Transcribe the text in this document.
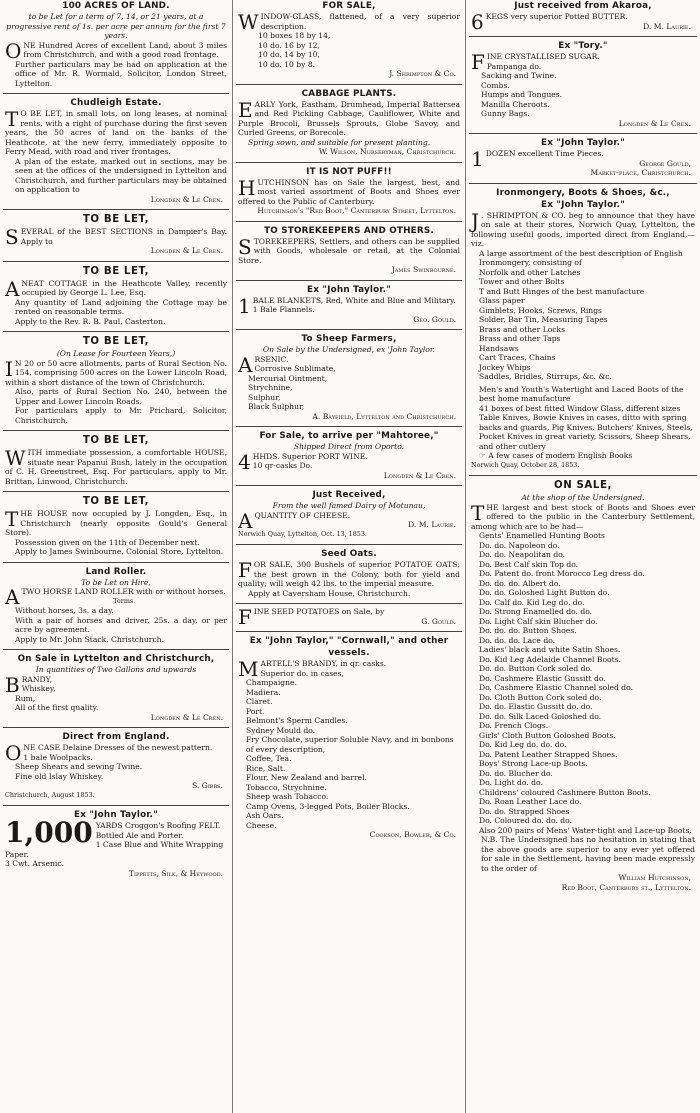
100 ACRES OF LAND.
to be Let for a term of 7, 14, or 21 years, at a progressive rent of 1s. per acre per annum for the first 7 years.
ONE Hundred Acres of excellent Land, about 3 miles from Christchurch, and with a good road frontage.
Further particulars may be had on application at the office of Mr. R. Wormald, Solicitor, London Street, Lyttelton.
Chudleigh Estate.
T O BE LET, in small lots, on long leases, at nominal rents, with a right of purchase during the first seven years, the 50 acres of land on the banks of the Heathcote, at the new ferry, immediately opposite to Ferry Mead, with road and river frontages.
A plan of the estate, marked out in sections, may be seen at the offices of the undersigned in Lyttelton and Christchurch, and further particulars may be obtained on application to
Longden & Le Cren.
TO BE LET,
SEVERAL of the BEST SECTIONS in Dampier's Bay. Apply to
Longden & Le Cren.
TO BE LET,
ANEAT COTTAGE in the Heathcote Valley, recently occupied by George L. Lee, Esq.
Any quantity of Land adjoining the Cottage may be rented on reasonable terms.
Apply to the Rev. R. B. Paul, Casterton.
TO BE LET,
(On Lease for Fourteen Years,)
I N 20 or 50 acre allotments, parts of Rural Section No. 154, comprising 500 acres on the Lower Lincoln Road, within a short distance of the town of Christchurch.
Also, parts of Rural Section No. 240, between the Upper and Lower Lincoln Roads.
For particulars apply to Mr. Prichard, Solicitor, Christchurch.
TO BE LET,
WITH immediate possession, a comfortable HOUSE, situate near Papanui Bush, lately in the occupation of C. H. Greenstreet, Esq. For particulars, apply to Mr. Brittan, Linwood, Christchurch.
TO BE LET,
THE HOUSE now occupied by J. Longden, Esq., in Christchurch (nearly opposite Gould's General Store).
Possession given on the 11th of December next.
Apply to James Swinbourne, Colonial Store, Lyttelton.
Land Roller.
To be Let on Hire,
ATWO HORSE LAND ROLLER with or without horses.
Terms.
Without horses, 3s. a day.
With a pair of horses and driver, 25s. a day, or per acre by agreement.
Apply to Mr. John Stack, Christchurch.
On Sale in Lyttelton and Christchurch,
In quantities of Two Gallons and upwards
BRANDY,
Whiskey,
Rum,
All of the first quality.
Longden & Le Cren.
Direct from England.
ONE CASE Delaine Dresses of the newest pattern.
1 bale Woolpacks.
Sheep Shears and sewing Twine.
Fine old Islay Whiskey.
S. Gibbs.
Christchurch, August 1853.
Ex "John Taylor."
1,000 YARDS Croggon's Roofing FELT.
Bottled Ale and Porter.
1 Case Blue and White Wrapping Paper.
3 Cwt. Arsenic.
Tippetts, Silk, & Heywood.
FOR SALE,
WINDOW-GLASS, flattened, of a very superior description.
10 boxes 18 by 14,
10 do. 16 by 12,
10 do. 14 by 10,
10 do. 10 by 8.
J. Shrimpton & Co.
CABBAGE PLANTS.
EARLY York, Eastham, Drumhead, Imperial Battersea and Red Pickling Cabbage, Cauliflower, White and Purple Brocoli, Brussels Sprouts, Globe Savoy, and Curled Greens, or Borecole.
Spring sown, and suitable for present planting.
W. Wilson, Nurseryman, Christchurch.
IT IS NOT PUFF!!
HUTCHINSON has on Sale the largest, best, and most varied assortment of Boots and Shoes ever offered to the Public of Canterbury.
Hutchinson's "Red Boot," Canterbury Street, Lyttelton.
TO STOREKEEPERS AND OTHERS.
STOREKEEPERS, Settlers, and others can be supplied with Goods, wholesale or retail, at the Colonial Store.
James Swinbourne.
Ex "John Taylor."
1 BALE BLANKETS, Red, White and Blue and Military.
1 Bale Flannels.
Geo. Gould.
To Sheep Farmers,
On Sale by the Undersigned, ex 'John Taylor.
ARSENIC.
Corrosive Sublimate,
Mercurial Ointment,
Strychnine,
Sulphur,
Black Sulphur,
A. Bayfield, Lyttelton and Christchurch.
For Sale, to arrive per "Mahtoree,"
Shipped Direct from Oporto.
4 HHDS. Superior PORT WINE.
10 qr-casks Do.
Longden & Le Cren.
Just Received,
From the well famed Dairy of Motunau,
AQUANTITY OF CHEESE.
D. M. Laurie.
Norwich Quay, Lyttelton, Oct. 13, 1853.
Seed Oats.
FOR SALE, 300 Bushels of superior POTATOE OATS; the best grown in the Colony, both for yield and quality; will weigh 42 lbs. to the imperial measure.
Apply at Caversham House, Christchurch.
FINE SEED POTATOES on Sale, by
G. Gould.
Ex "John Taylor," "Cornwall," and other vessels.
MARTELL'S BRANDY, in qr. casks.
Superior do. in cases,
Champaigne.
Madiera.
Claret.
Port.
Belmont's Sperm Candles.
Sydney Mould do.
Fry Chocolate, superior Soluble Navy, and in bonbons of every description,
Coffee, Tea.
Rice, Salt.
Flour, New Zealand and barrel.
Tobacco, Strychnine.
Sheep wash Tobacco.
Camp Ovens, 3-legged Pots, Boiler Blocks.
Ash Oars.
Cheese.
Cookson, Bowler, & Co.
Just received from Akaroa,
6 KEGS very superior Potted BUTTER.
D. M. Laurie.
Ex "Tory."
FINE CRYSTALLISED SUGAR.
Pampanga do.
Sacking and Twine.
Combs.
Humps and Tongues.
Manilla Cheroots.
Gunny Bags.
Longden & Le Cren.
Ex "John Taylor."
1 DOZEN excellent Time Pieces.
George Gould,
Market-place, Christchurch.
Ironmongery, Boots & Shoes, &c.,
Ex "John Taylor."
J . SHRIMPTON & CO. beg to announce that they have on sale at their stores, Norwich Quay, Lyttelton, the following useful goods, imported direct from England,—viz.
A large assortment of the best description of English Ironmongery, consisting of
Norfolk and other Latches
Tower and other Bolts
T and Butt Hinges of the best manufacture
Glass paper
Gimblets, Hooks, Screws, Rings
Solder, Bar Tin, Measuring Tapes
Brass and other Locks
Brass and other Taps
Handsaws
Cart Traces, Chains
Jockey Whips
Saddles, Bridles, Stirrups, &c. &c.
Men's and Youth's Watertight and Laced Boots of the best home manufacture
41 boxes of best fitted Window Glass, different sizes
Table Knives, Bowie Knives in cases, ditto with spring backs and guards, Pig Knives, Butchers' Knives, Steels, Pocket Knives in great variety, Scissors, Sheep Shears, and other cutlery
☞ A few cases of modern English Books
Norwich Quay, October 28, 1853.
ON SALE,
At the shop of the Undersigned.
THE largest and best stock of Boots and Shoes ever offered to the public in the Canterbury Settlement, among which are to be had—
Gents' Enamelled Hunting Boots
Do. do. Napoleon do.
Do. do. Neapolitan do.
Do. Best Calf skin Top do.
Do. Patent do. front Morocco Leg dress do.
Do. do. do. Albert do.
Do. do. Goloshed Light Button do.
Do. Calf do. Kid Leg do. do.
Do. Strong Enamelled do. do.
Do. Light Calf skin Blucher do.
Do. do. do. Button Shoes.
Do. do. do. Lace do.
Ladies' black and white Satin Shoes.
Do. Kid Leg Adelaide Channel Boots.
Do. do. Button Cork soled do.
Do. Cashmere Elastic Gussitt do.
Do. Cashmere Elastic Channel soled do.
Do. Cloth Button Cork soled do.
Do. do. Elastic Gussitt do. do.
Do. do. Silk Laced Goloshed do.
Do. French Clogs.
Girls' Cloth Button Goloshed Boots.
Do. Kid Leg do. do. do.
Do. Patent Leather Strapped Shoes.
Boys' Strong Lace-up Boots.
Do. do. Blucher do.
Do. Light do. do.
Childrens' coloured Cashmere Button Boots.
Do. Roan Leather Lace do.
Do. do. Strapped Shoes
Do. Coloured do. do. do.
Also 200 pairs of Mens' Water-tight and Lace-up Boots.
N.B. The Undersigned has no hesitation in stating that the above goods are superior to any ever yet offered for sale in the Settlement, having been made expressly to the order of
William Hutchinson,
Red Boot, Canterbury st., Lyttelton.
